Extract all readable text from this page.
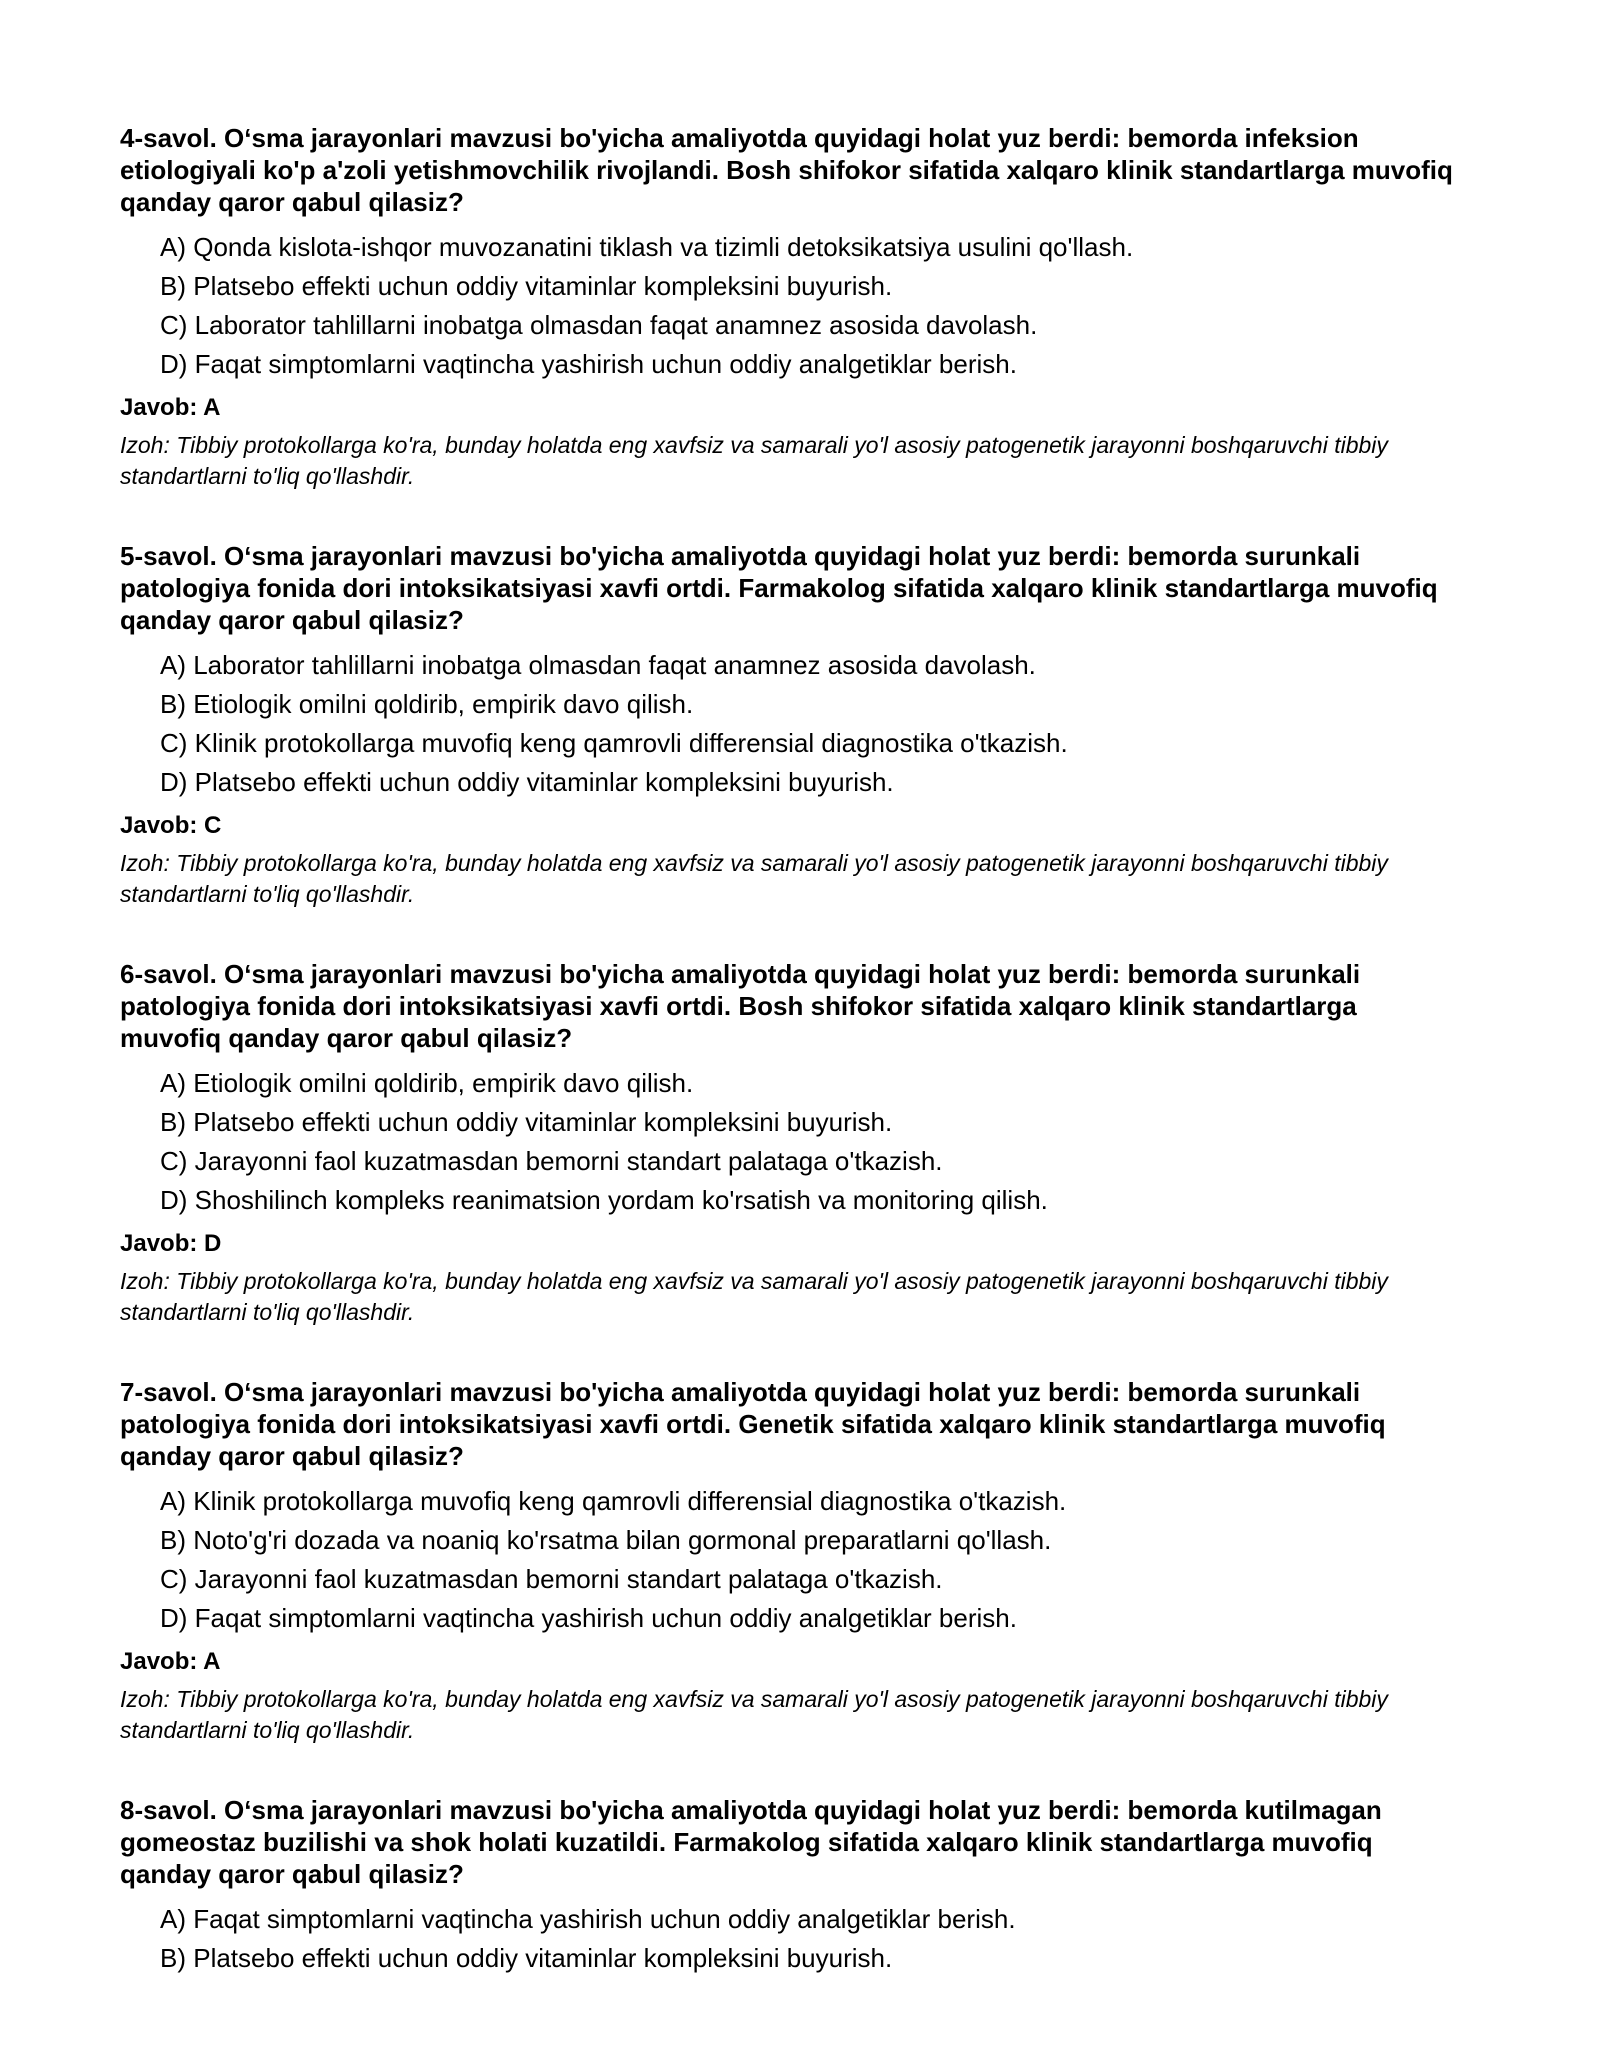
4-savol. O‘sma jarayonlari mavzusi bo'yicha amaliyotda quyidagi holat yuz berdi: bemorda infeksion etiologiyali ko'p a'zoli yetishmovchilik rivojlandi. Bosh shifokor sifatida xalqaro klinik standartlarga muvofiq qanday qaror qabul qilasiz?

A) Qonda kislota-ishqor muvozanatini tiklash va tizimli detoksikatsiya usulini qo'llash.
B) Platsebo effekti uchun oddiy vitaminlar kompleksini buyurish.
C) Laborator tahlillarni inobatga olmasdan faqat anamnez asosida davolash.
D) Faqat simptomlarni vaqtincha yashirish uchun oddiy analgetiklar berish.

Javob: A

Izoh: Tibbiy protokollarga ko'ra, bunday holatda eng xavfsiz va samarali yo'l asosiy patogenetik jarayonni boshqaruvchi tibbiy standartlarni to'liq qo'llashdir.

5-savol. O‘sma jarayonlari mavzusi bo'yicha amaliyotda quyidagi holat yuz berdi: bemorda surunkali patologiya fonida dori intoksikatsiyasi xavfi ortdi. Farmakolog sifatida xalqaro klinik standartlarga muvofiq qanday qaror qabul qilasiz?

A) Laborator tahlillarni inobatga olmasdan faqat anamnez asosida davolash.
B) Etiologik omilni qoldirib, empirik davo qilish.
C) Klinik protokollarga muvofiq keng qamrovli differensial diagnostika o'tkazish.
D) Platsebo effekti uchun oddiy vitaminlar kompleksini buyurish.

Javob: C

Izoh: Tibbiy protokollarga ko'ra, bunday holatda eng xavfsiz va samarali yo'l asosiy patogenetik jarayonni boshqaruvchi tibbiy standartlarni to'liq qo'llashdir.

6-savol. O‘sma jarayonlari mavzusi bo'yicha amaliyotda quyidagi holat yuz berdi: bemorda surunkali patologiya fonida dori intoksikatsiyasi xavfi ortdi. Bosh shifokor sifatida xalqaro klinik standartlarga muvofiq qanday qaror qabul qilasiz?

A) Etiologik omilni qoldirib, empirik davo qilish.
B) Platsebo effekti uchun oddiy vitaminlar kompleksini buyurish.
C) Jarayonni faol kuzatmasdan bemorni standart palataga o'tkazish.
D) Shoshilinch kompleks reanimatsion yordam ko'rsatish va monitoring qilish.

Javob: D

Izoh: Tibbiy protokollarga ko'ra, bunday holatda eng xavfsiz va samarali yo'l asosiy patogenetik jarayonni boshqaruvchi tibbiy standartlarni to'liq qo'llashdir.

7-savol. O‘sma jarayonlari mavzusi bo'yicha amaliyotda quyidagi holat yuz berdi: bemorda surunkali patologiya fonida dori intoksikatsiyasi xavfi ortdi. Genetik sifatida xalqaro klinik standartlarga muvofiq qanday qaror qabul qilasiz?

A) Klinik protokollarga muvofiq keng qamrovli differensial diagnostika o'tkazish.
B) Noto'g'ri dozada va noaniq ko'rsatma bilan gormonal preparatlarni qo'llash.
C) Jarayonni faol kuzatmasdan bemorni standart palataga o'tkazish.
D) Faqat simptomlarni vaqtincha yashirish uchun oddiy analgetiklar berish.

Javob: A

Izoh: Tibbiy protokollarga ko'ra, bunday holatda eng xavfsiz va samarali yo'l asosiy patogenetik jarayonni boshqaruvchi tibbiy standartlarni to'liq qo'llashdir.

8-savol. O‘sma jarayonlari mavzusi bo'yicha amaliyotda quyidagi holat yuz berdi: bemorda kutilmagan gomeostaz buzilishi va shok holati kuzatildi. Farmakolog sifatida xalqaro klinik standartlarga muvofiq qanday qaror qabul qilasiz?

A) Faqat simptomlarni vaqtincha yashirish uchun oddiy analgetiklar berish.
B) Platsebo effekti uchun oddiy vitaminlar kompleksini buyurish.
